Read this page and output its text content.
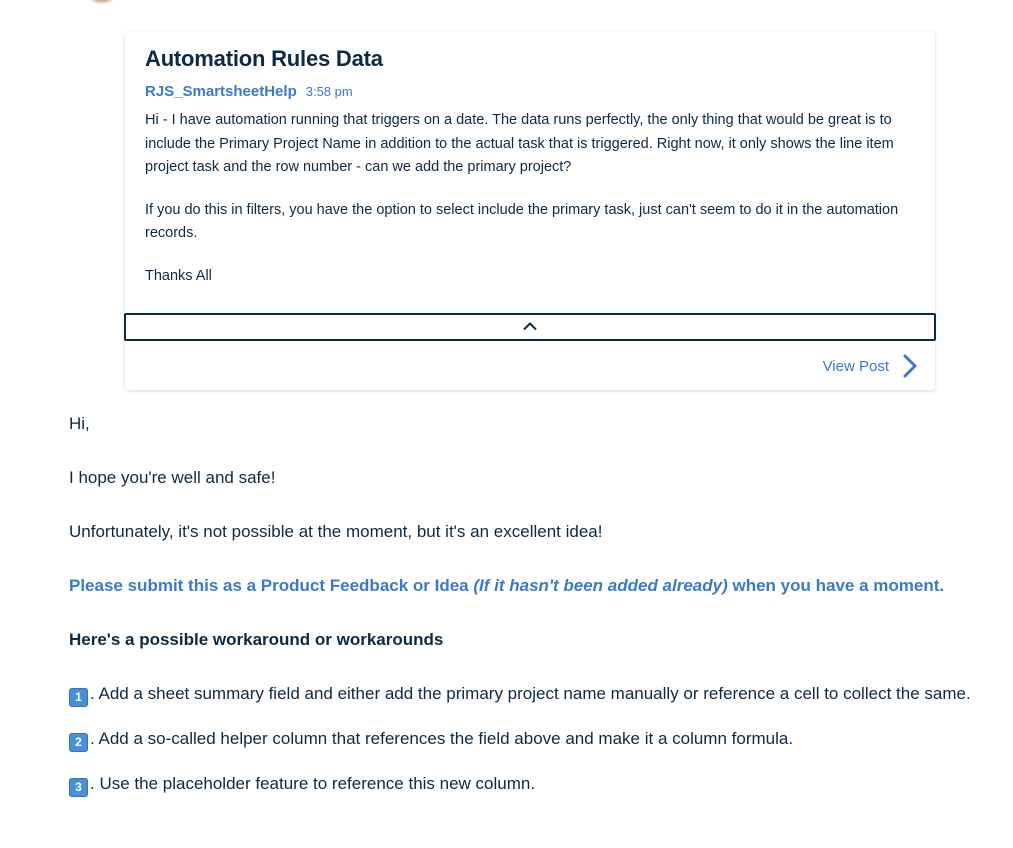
Automation Rules Data
RJS_SmartsheetHelp 3:58 pm

Hi - I have automation running that triggers on a date. The data runs perfectly, the only thing that would be great is to include the Primary Project Name in addition to the actual task that is triggered. Right now, it only shows the line item project task and the row number - can we add the primary project?

If you do this in filters, you have the option to select include the primary task, just can't seem to do it in the automation records.

Thanks All

View Post

Hi,

I hope you're well and safe!

Unfortunately, it's not possible at the moment, but it's an excellent idea!

Please submit this as a Product Feedback or Idea (If it hasn't been added already) when you have a moment.

Here's a possible workaround or workarounds

1 . Add a sheet summary field and either add the primary project name manually or reference a cell to collect the same.

2 . Add a so-called helper column that references the field above and make it a column formula.

3 . Use the placeholder feature to reference this new column.
